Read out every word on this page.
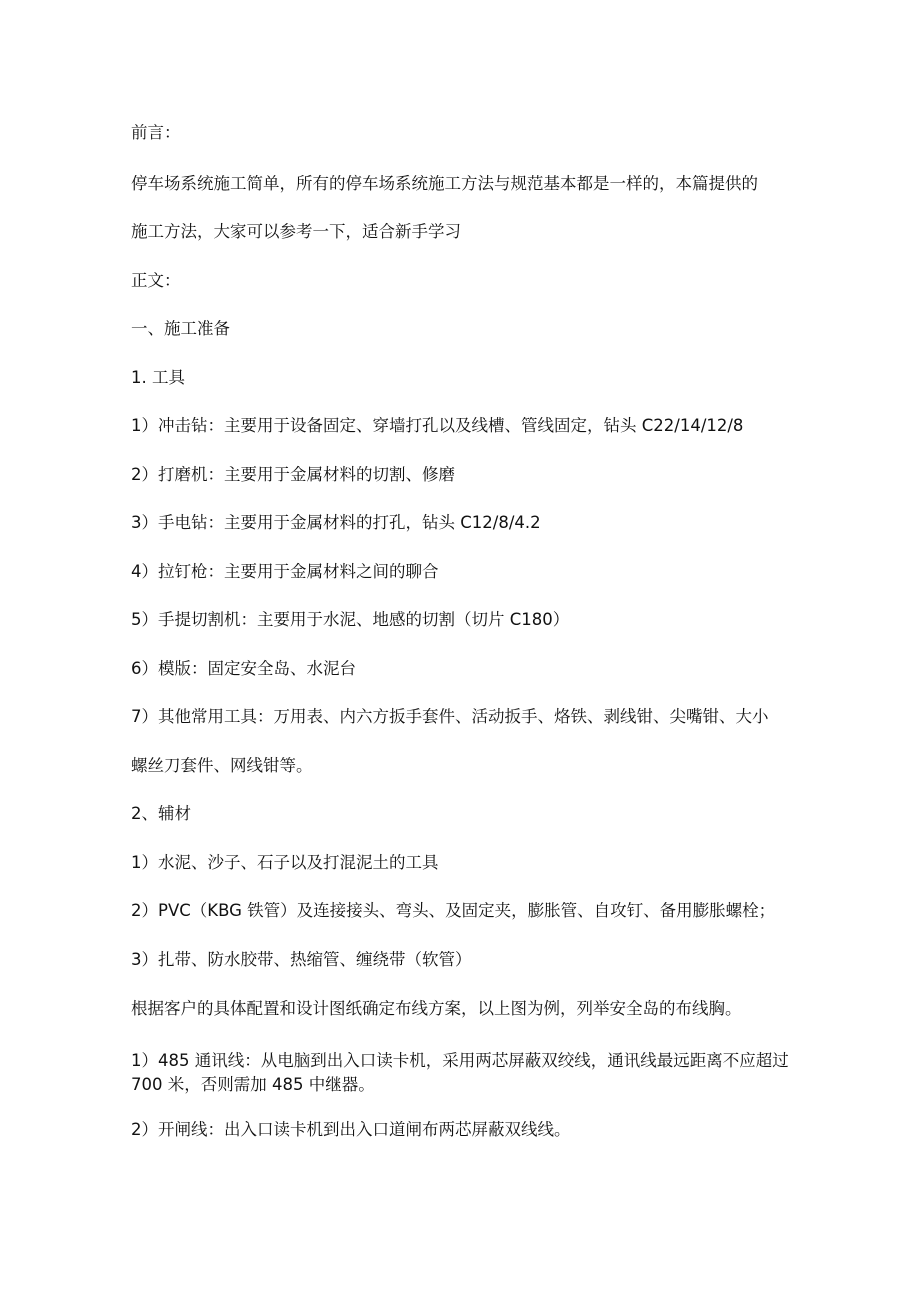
前言：

停车场系统施工简单，所有的停车场系统施工方法与规范基本都是一样的，本篇提供的

施工方法，大家可以参考一下，适合新手学习

正文：

一、施工准备

1. 工具

1）冲击钻：主要用于设备固定、穿墙打孔以及线槽、管线固定，钻头 C22/14/12/8

2）打磨机：主要用于金属材料的切割、修磨

3）手电钻：主要用于金属材料的打孔，钻头 C12/8/4.2

4）拉钉枪：主要用于金属材料之间的聊合

5）手提切割机：主要用于水泥、地感的切割（切片 C180）

6）模版：固定安全岛、水泥台

7）其他常用工具：万用表、内六方扳手套件、活动扳手、烙铁、剥线钳、尖嘴钳、大小

螺丝刀套件、网线钳等。

2、辅材

1）水泥、沙子、石子以及打混泥土的工具

2）PVC（KBG 铁管）及连接接头、弯头、及固定夹，膨胀管、自攻钉、备用膨胀螺栓；

3）扎带、防水胶带、热缩管、缠绕带（软管）

根据客户的具体配置和设计图纸确定布线方案，以上图为例，列举安全岛的布线胸。

1）485 通讯线：从电脑到出入口读卡机，采用两芯屏蔽双绞线，通讯线最远距离不应超过 700 米，否则需加 485 中继器。

2）开闸线：出入口读卡机到出入口道闸布两芯屏蔽双线线。
